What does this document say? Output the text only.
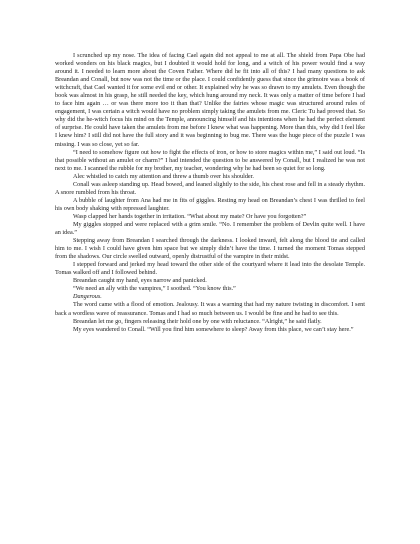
I scrunched up my nose. The idea of facing Cael again did not appeal to me at all. The shield from Papa Obe had worked wonders on his black magics, but I doubted it would hold for long, and a witch of his power would find a way around it. I needed to learn more about the Coven Father. Where did he fit into all of this? I had many questions to ask Breandan and Conall, but now was not the time or the place. I could confidently guess that since the grimoire was a book of witchcraft, that Cael wanted it for some evil end or other. It explained why he was so drawn to my amulets. Even though the book was almost in his grasp, he still needed the key, which hung around my neck. It was only a matter of time before I had to face him again … or was there more too it than that? Unlike the fairies whose magic was structured around rules of engagement, I was certain a witch would have no problem simply taking the amulets from me. Cleric Tu had proved that. So why did the he-witch focus his mind on the Temple, announcing himself and his intentions when he had the perfect element of surprise. He could have taken the amulets from me before I knew what was happening. More than this, why did I feel like I knew him? I still did not have the full story and it was beginning to bug me. There was the huge piece of the puzzle I was missing. I was so close, yet so far.

“I need to somehow figure out how to fight the effects of iron, or how to store magics within me,” I said out loud. “Is that possible without an amulet or charm?” I had intended the question to be answered by Conall, but I realized he was not next to me. I scanned the rubble for my brother, my teacher, wondering why he had been so quiet for so long.

Alec whistled to catch my attention and threw a thumb over his shoulder.

Conall was asleep standing up. Head bowed, and leaned slightly to the side, his chest rose and fell in a steady rhythm. A snore rumbled from his throat.

A bubble of laughter from Ana had me in fits of giggles. Resting my head on Breandan’s chest I was thrilled to feel his own body shaking with repressed laughter.

Wasp clapped her hands together in irritation. “What about my mate? Or have you forgotten?”

My giggles stopped and were replaced with a grim smile. “No. I remember the problem of Devlin quite well. I have an idea.”

Stepping away from Breandan I searched through the darkness. I looked inward, felt along the blood tie and called him to me. I wish I could have given him space but we simply didn’t have the time. I turned the moment Tomas stepped from the shadows. Our circle swelled outward, openly distrustful of the vampire in their midst.

I stepped forward and jerked my head toward the other side of the courtyard where it lead into the desolate Temple. Tomas walked off and I followed behind.

Breandan caught my hand, eyes narrow and panicked.

“We need an ally with the vampires,” I soothed. “You know this.”

Dangerous.

The word came with a flood of emotion. Jealousy. It was a warning that had my nature twisting in discomfort. I sent back a wordless wave of reassurance. Tomas and I had so much between us. I would be fine and he had to see this.

Breandan let me go, fingers releasing their hold one by one with reluctance. “Alright,” he said flatly.

My eyes wandered to Conall. “Will you find him somewhere to sleep? Away from this place, we can’t stay here.”
